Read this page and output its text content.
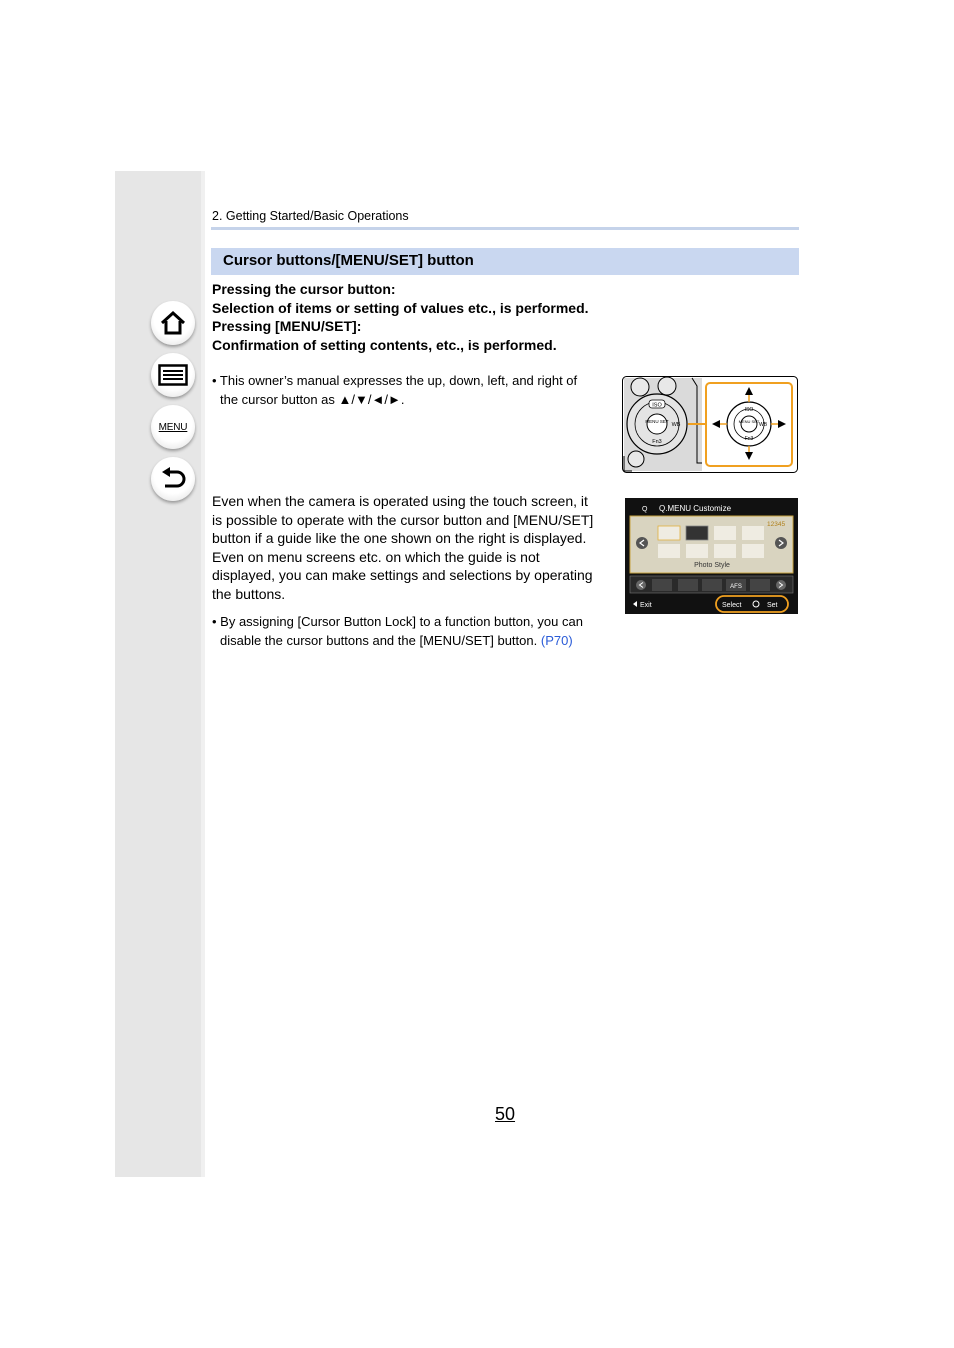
MENU
2. Getting Started/Basic Operations
Cursor buttons/[MENU/SET] button
Pressing the cursor button:
Selection of items or setting of values etc., is performed.
Pressing [MENU/SET]:
Confirmation of setting contents, etc., is performed.
• This owner’s manual expresses the up, down, left, and right of
the cursor button as ▲/▼/◄/►.
MENU SET
ISO
Fn3
WB
MENU SET
ISO
Fn3
WB
Even when the camera is operated using the touch screen, it
is possible to operate with the cursor button and [MENU/SET]
button if a guide like the one shown on the right is displayed.
Even on menu screens etc. on which the guide is not
displayed, you can make settings and selections by operating
the buttons.
Q Q.MENU Customize
12345
Photo Style
AFS
Exit	Select	Set
• By assigning [Cursor Button Lock] to a function button, you can
disable the cursor buttons and the [MENU/SET] button. (P70)
50
